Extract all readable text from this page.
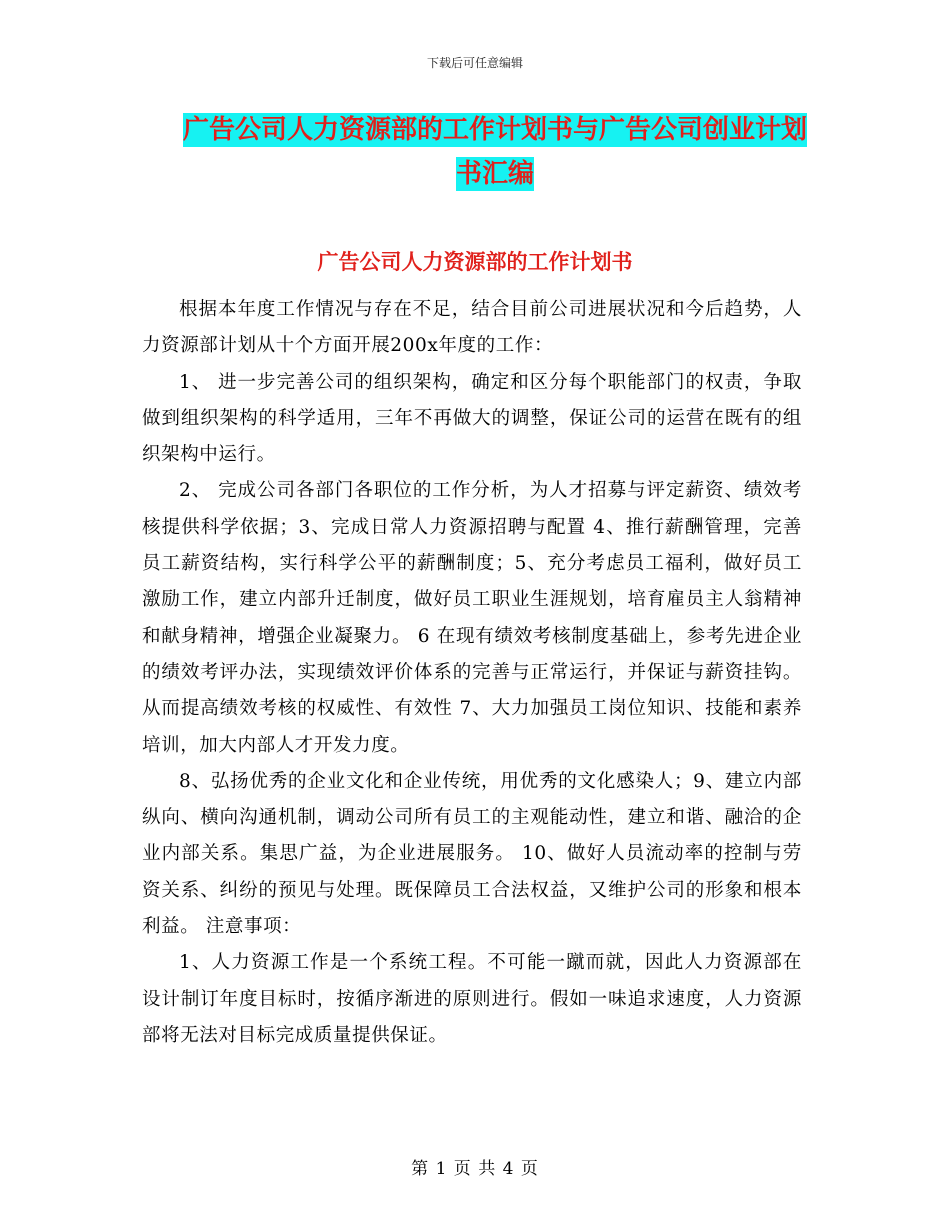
下载后可任意编辑
广告公司人力资源部的工作计划书与广告公司创业计划书汇编
广告公司人力资源部的工作计划书

根据本年度工作情况与存在不足，结合目前公司进展状况和今后趋势，人力资源部计划从十个方面开展200x年度的工作：

1、 进一步完善公司的组织架构，确定和区分每个职能部门的权责，争取做到组织架构的科学适用，三年不再做大的调整，保证公司的运营在既有的组织架构中运行。

2、 完成公司各部门各职位的工作分析，为人才招募与评定薪资、绩效考核提供科学依据；3、完成日常人力资源招聘与配置 4、推行薪酬管理，完善员工薪资结构，实行科学公平的薪酬制度；5、充分考虑员工福利，做好员工激励工作，建立内部升迁制度，做好员工职业生涯规划，培育雇员主人翁精神和献身精神，增强企业凝聚力。 6 在现有绩效考核制度基础上，参考先进企业的绩效考评办法，实现绩效评价体系的完善与正常运行，并保证与薪资挂钩。从而提高绩效考核的权威性、有效性 7、大力加强员工岗位知识、技能和素养培训，加大内部人才开发力度。

8、弘扬优秀的企业文化和企业传统，用优秀的文化感染人；9、建立内部纵向、横向沟通机制，调动公司所有员工的主观能动性，建立和谐、融洽的企业内部关系。集思广益，为企业进展服务。 10、做好人员流动率的控制与劳资关系、纠纷的预见与处理。既保障员工合法权益，又维护公司的形象和根本利益。 注意事项：

1、人力资源工作是一个系统工程。不可能一蹴而就，因此人力资源部在设计制订年度目标时，按循序渐进的原则进行。假如一味追求速度，人力资源部将无法对目标完成质量提供保证。

第 1 页 共 4 页
